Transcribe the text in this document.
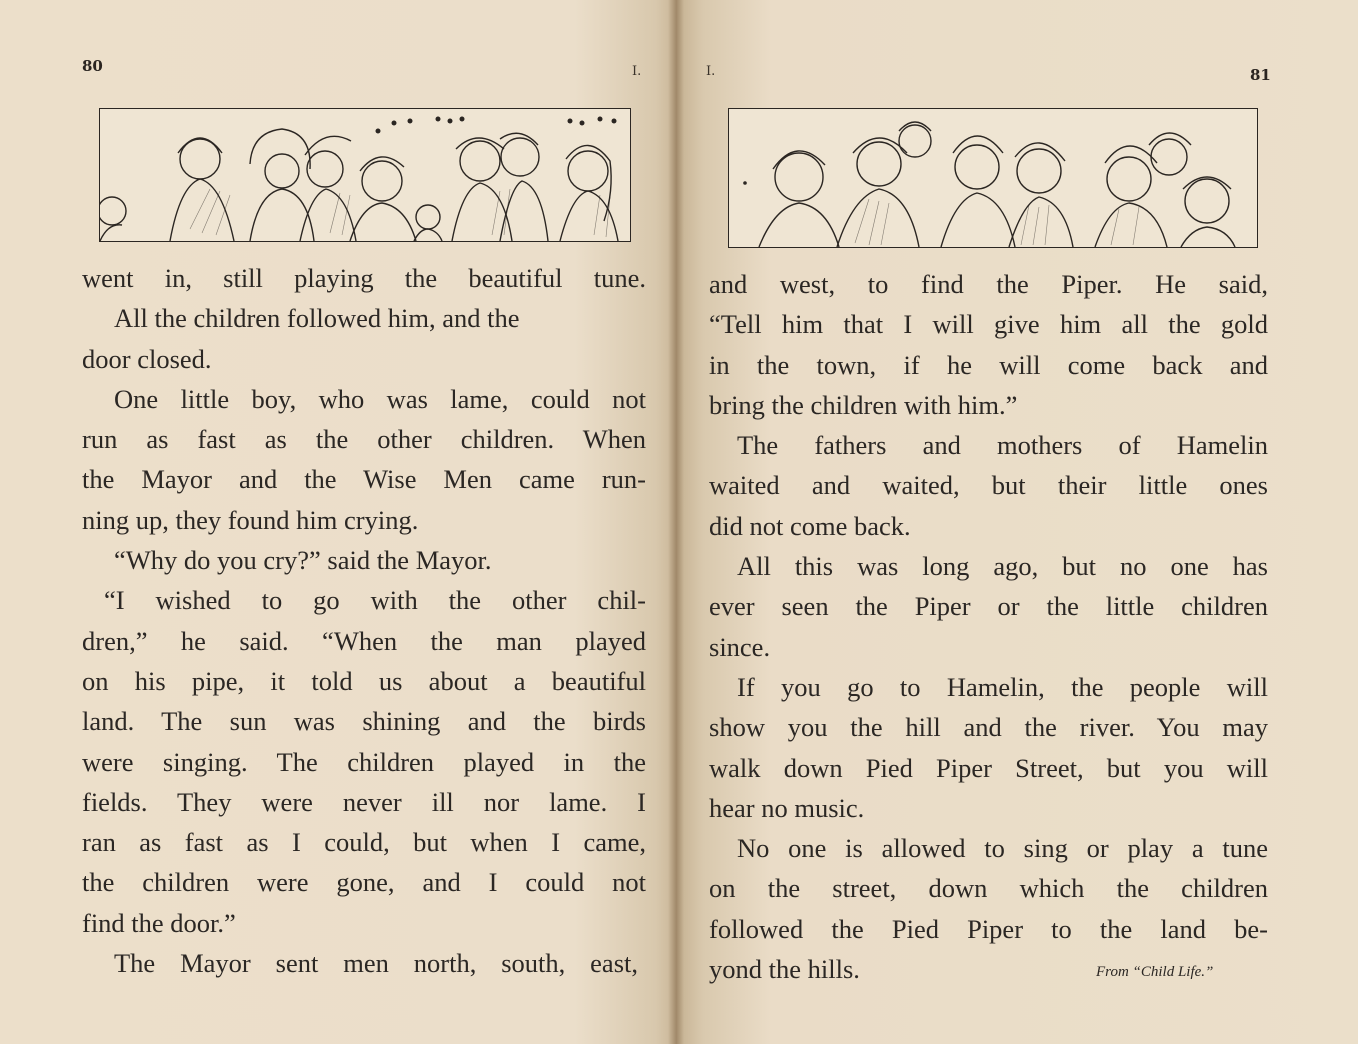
80	I.
went in, still playing the beautiful tune.
All the children followed him, and the
door closed.
One little boy, who was lame, could not
run as fast as the other children. When
the Mayor and the Wise Men came run-
ning up, they found him crying.
“Why do you cry?” said the Mayor.
“I wished to go with the other chil-
dren,” he said. “When the man played
on his pipe, it told us about a beautiful
land. The sun was shining and the birds
were singing. The children played in the
fields. They were never ill nor lame. I
ran as fast as I could, but when I came,
the children were gone, and I could not
find the door.”
The Mayor sent men north, south, east,
I.	81
and west, to find the Piper. He said,
“Tell him that I will give him all the gold
in the town, if he will come back and
bring the children with him.”
The fathers and mothers of Hamelin
waited and waited, but their little ones
did not come back.
All this was long ago, but no one has
ever seen the Piper or the little children
since.
If you go to Hamelin, the people will
show you the hill and the river. You may
walk down Pied Piper Street, but you will
hear no music.
No one is allowed to sing or play a tune
on the street, down which the children
followed the Pied Piper to the land be-
yond the hills.	From “Child Life.”
